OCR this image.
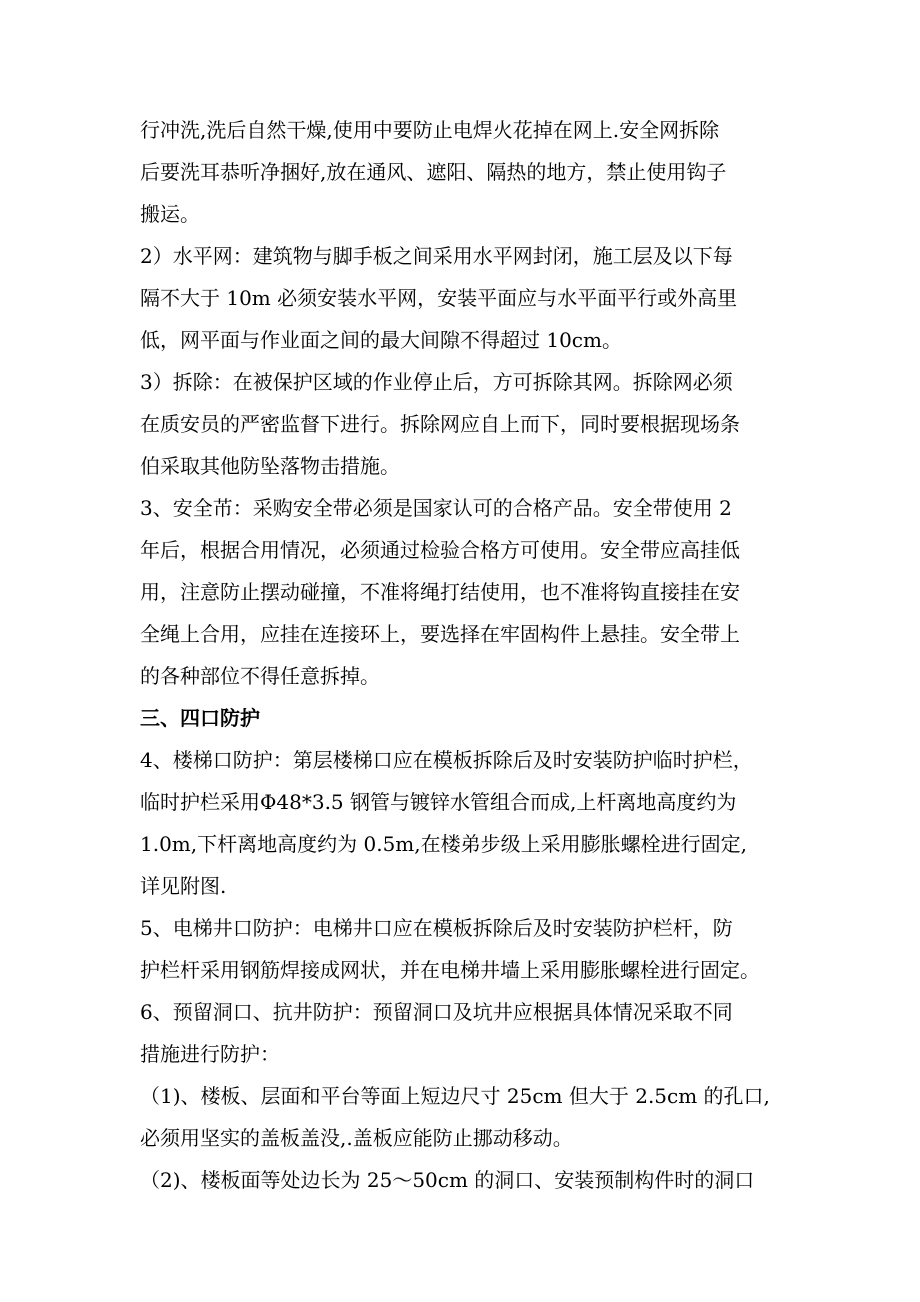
行冲洗,洗后自然干燥,使用中要防止电焊火花掉在网上.安全网拆除
后要洗耳恭听净捆好,放在通风、遮阳、隔热的地方，禁止使用钩子
搬运。
2）水平网：建筑物与脚手板之间采用水平网封闭，施工层及以下每
隔不大于 10m 必须安装水平网，安装平面应与水平面平行或外高里
低，网平面与作业面之间的最大间隙不得超过 10cm。
3）拆除：在被保护区域的作业停止后，方可拆除其网。拆除网必须
在质安员的严密监督下进行。拆除网应自上而下，同时要根据现场条
伯采取其他防坠落物击措施。
3、安全芇：采购安全带必须是国家认可的合格产品。安全带使用 2
年后，根据合用情况，必须通过检验合格方可使用。安全带应高挂低
用，注意防止摆动碰撞，不准将绳打结使用，也不准将钩直接挂在安
全绳上合用，应挂在连接环上，要选择在牢固构件上悬挂。安全带上
的各种部位不得任意拆掉。
三、四口防护
4、楼梯口防护：第层楼梯口应在模板拆除后及时安装防护临时护栏，
临时护栏采用Φ48*3.5 钢管与镀锌水管组合而成,上杆离地高度约为
1.0m,下杆离地高度约为 0.5m,在楼弟步级上采用膨胀螺栓进行固定,
详见附图.
5、电梯井口防护：电梯井口应在模板拆除后及时安装防护栏杆，防
护栏杆采用钢筋焊接成网状，并在电梯井墙上采用膨胀螺栓进行固定。
6、预留洞口、抗井防护：预留洞口及坑井应根据具体情况采取不同
措施进行防护：
（1)、楼板、层面和平台等面上短边尺寸 25cm 但大于 2.5cm 的孔口,
必须用坚实的盖板盖没,.盖板应能防止挪动移动。
（2)、楼板面等处边长为 25～50cm 的洞口、安装预制构件时的洞口
